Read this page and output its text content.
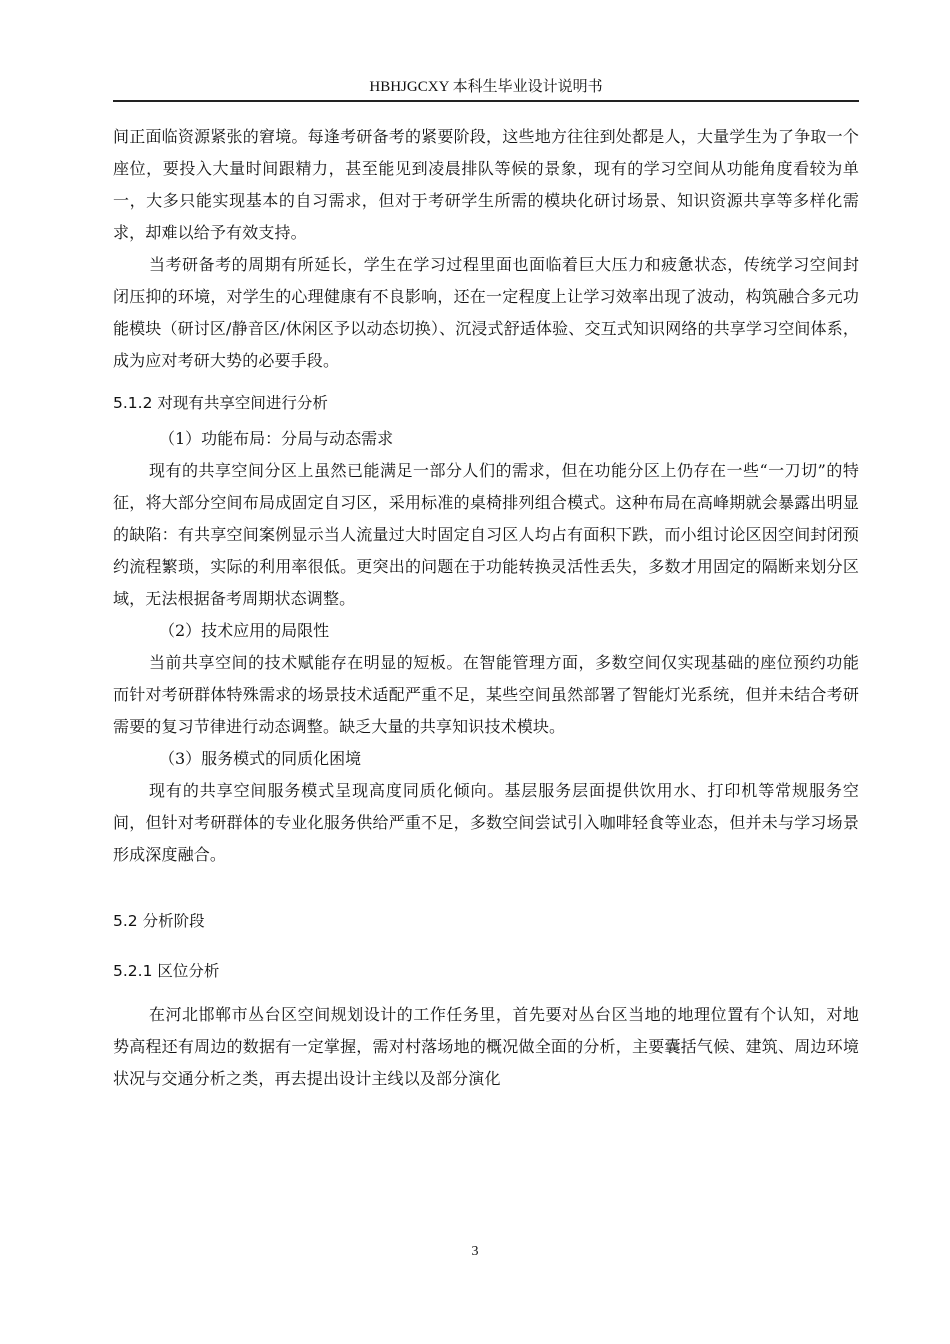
HBHJGCXY 本科生毕业设计说明书

间正面临资源紧张的窘境。每逢考研备考的紧要阶段，这些地方往往到处都是人，大量学生为了争取一个座位，要投入大量时间跟精力，甚至能见到凌晨排队等候的景象，现有的学习空间从功能角度看较为单一，大多只能实现基本的自习需求，但对于考研学生所需的模块化研讨场景、知识资源共享等多样化需求，却难以给予有效支持。

当考研备考的周期有所延长，学生在学习过程里面也面临着巨大压力和疲惫状态，传统学习空间封闭压抑的环境，对学生的心理健康有不良影响，还在一定程度上让学习效率出现了波动，构筑融合多元功能模块（研讨区/静音区/休闲区予以动态切换）、沉浸式舒适体验、交互式知识网络的共享学习空间体系，成为应对考研大势的必要手段。

5.1.2 对现有共享空间进行分析

（1）功能布局：分局与动态需求

现有的共享空间分区上虽然已能满足一部分人们的需求，但在功能分区上仍存在一些“一刀切”的特征，将大部分空间布局成固定自习区，采用标准的桌椅排列组合模式。这种布局在高峰期就会暴露出明显的缺陷：有共享空间案例显示当人流量过大时固定自习区人均占有面积下跌，而小组讨论区因空间封闭预约流程繁琐，实际的利用率很低。更突出的问题在于功能转换灵活性丢失，多数才用固定的隔断来划分区域，无法根据备考周期状态调整。

（2）技术应用的局限性

当前共享空间的技术赋能存在明显的短板。在智能管理方面，多数空间仅实现基础的座位预约功能而针对考研群体特殊需求的场景技术适配严重不足，某些空间虽然部署了智能灯光系统，但并未结合考研需要的复习节律进行动态调整。缺乏大量的共享知识技术模块。

（3）服务模式的同质化困境

现有的共享空间服务模式呈现高度同质化倾向。基层服务层面提供饮用水、打印机等常规服务空间，但针对考研群体的专业化服务供给严重不足，多数空间尝试引入咖啡轻食等业态，但并未与学习场景形成深度融合。

5.2 分析阶段

5.2.1 区位分析

在河北邯郸市丛台区空间规划设计的工作任务里，首先要对丛台区当地的地理位置有个认知，对地势高程还有周边的数据有一定掌握，需对村落场地的概况做全面的分析，主要囊括气候、建筑、周边环境状况与交通分析之类，再去提出设计主线以及部分演化

3
